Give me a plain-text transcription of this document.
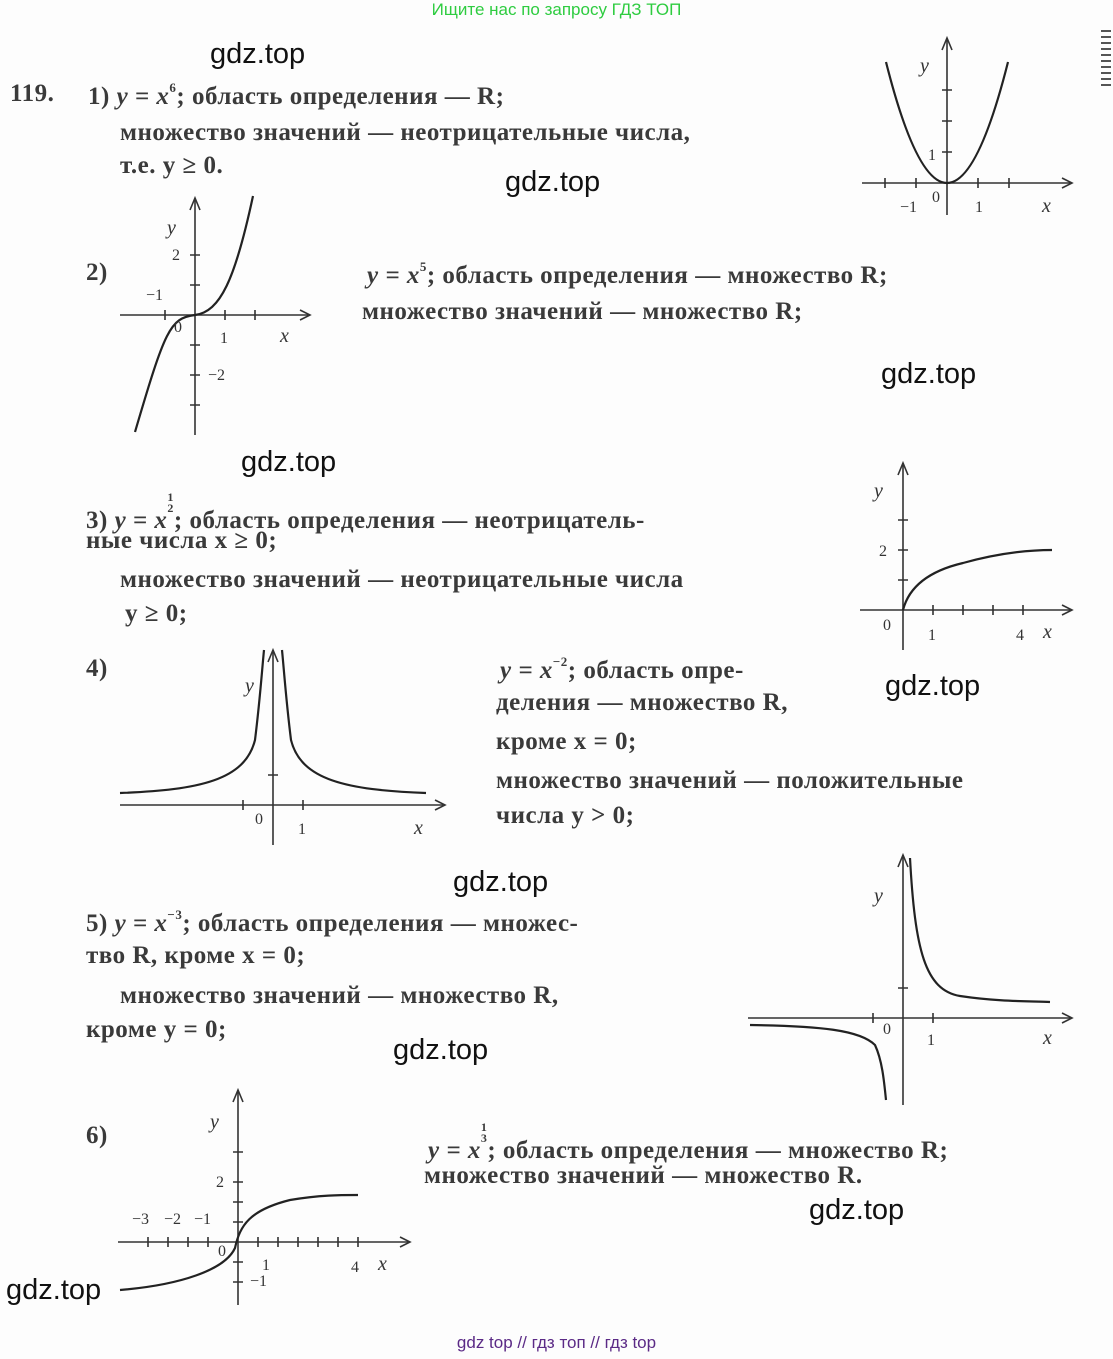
Ищите нас по запросу ГДЗ ТОП
119. 1) $y = x^6$; область определения — R;
множество значений — неотрицательные числа,
т.е. y ≥ 0.
2)	$y = x^5$; область определения — множество R;
множество значений — множество R;
3) y = x
1
2 ; область определения — неотрицатель-
ные числа x ≥ 0;
множество значений — неотрицательные числа
y ≥ 0;
4)	$y = x^{-2}$; область опре-
деления — множество R,
кроме x = 0;
множество значений — положительные
числа y > 0;
5) $y = x^{-3}$; область определения — множес-
тво R, кроме x = 0;
множество значений — множество R,
кроме y = 0;
6)
y = x
1
3 ; область определения — множество R;
множество значений — множество R.
y
x
−1
0
1
1
y
x
2
−1
0
1
−2
y
x
2
0
1	4
y
x
0
1
y
x
0
1
y
x
2
−3 −2 −1
0
1
−1
4
gdz.top
gdz.top
gdz.top
gdz.top
gdz.top
gdz.top
gdz.top
gdz.top
gdz.top
gdz top // гдз топ // гдз top
